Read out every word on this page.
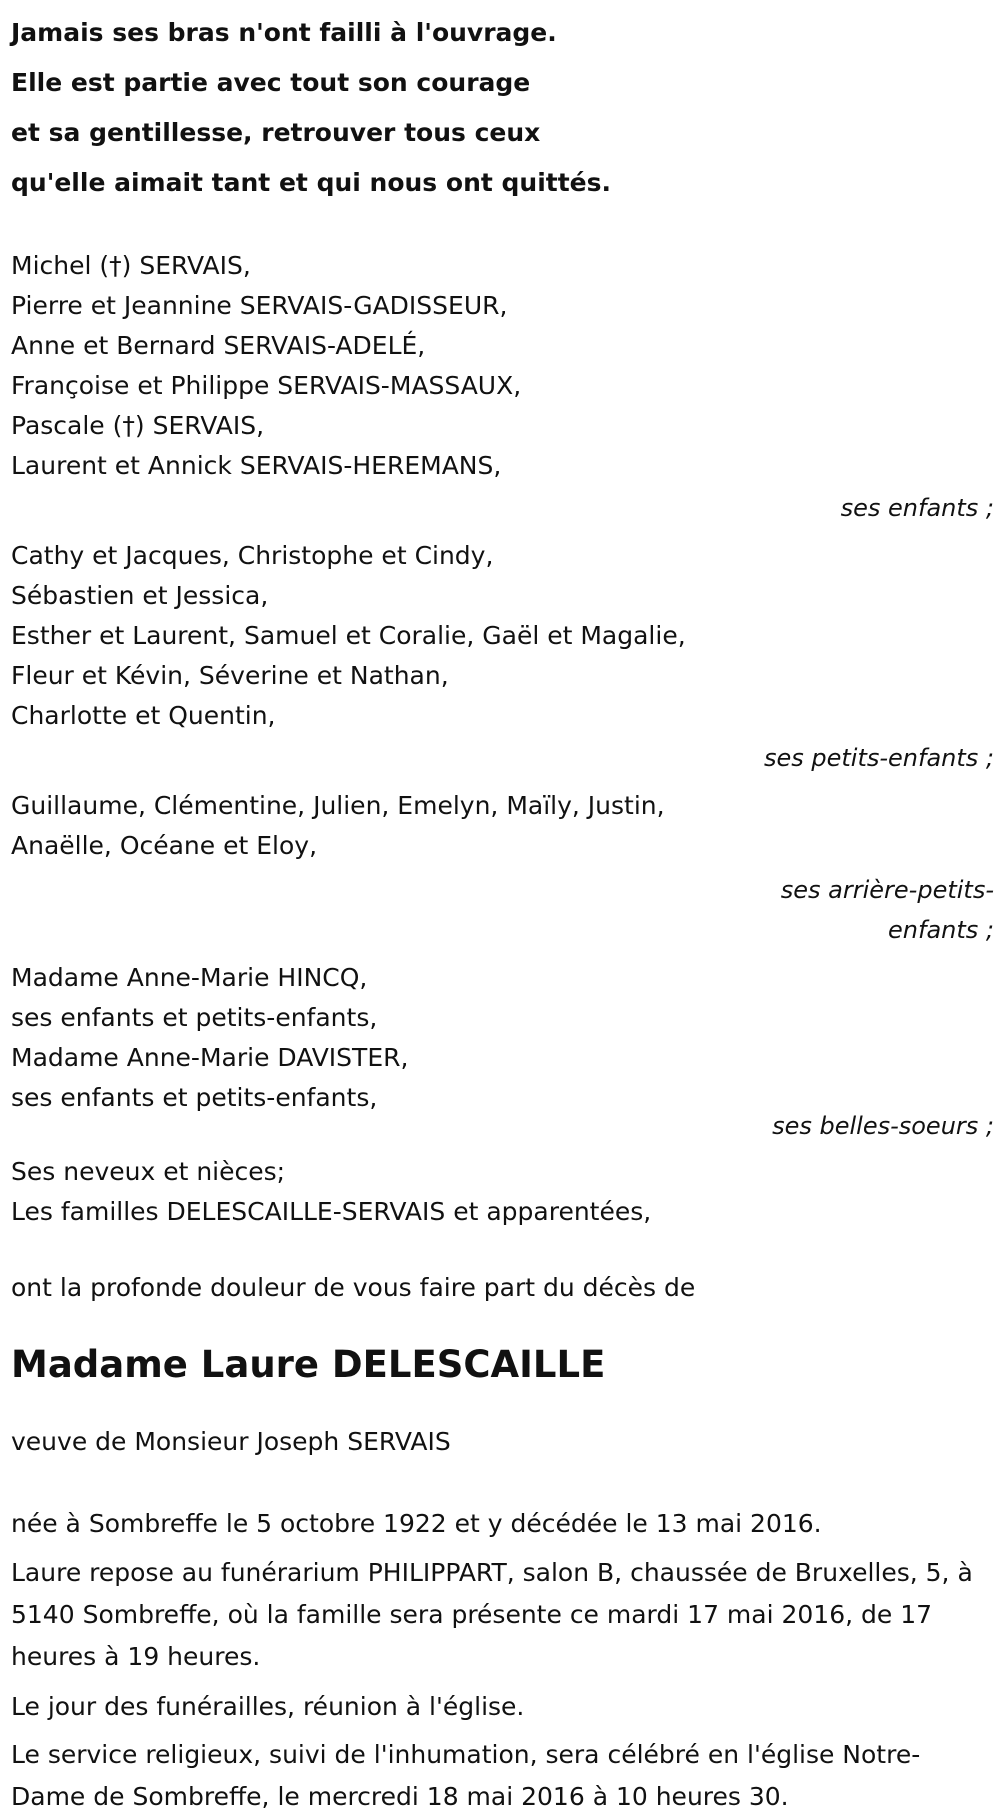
Jamais ses bras n'ont failli à l'ouvrage.
Elle est partie avec tout son courage
et sa gentillesse, retrouver tous ceux
qu'elle aimait tant et qui nous ont quittés.
Michel (†) SERVAIS,
Pierre et Jeannine SERVAIS-GADISSEUR,
Anne et Bernard SERVAIS-ADELÉ,
Françoise et Philippe SERVAIS-MASSAUX,
Pascale (†) SERVAIS,
Laurent et Annick SERVAIS-HEREMANS,
ses enfants ;
Cathy et Jacques, Christophe et Cindy,
Sébastien et Jessica,
Esther et Laurent, Samuel et Coralie, Gaël et Magalie,
Fleur et Kévin, Séverine et Nathan,
Charlotte et Quentin,
ses petits-enfants ;
Guillaume, Clémentine, Julien, Emelyn, Maïly, Justin,
Anaëlle, Océane et Eloy,
ses arrière-petits-
enfants ;
Madame Anne-Marie HINCQ,
ses enfants et petits-enfants,
Madame Anne-Marie DAVISTER,
ses enfants et petits-enfants,
ses belles-soeurs ;
Ses neveux et nièces;
Les familles DELESCAILLE-SERVAIS et apparentées,
ont la profonde douleur de vous faire part du décès de
Madame Laure DELESCAILLE
veuve de Monsieur Joseph SERVAIS
née à Sombreffe le 5 octobre 1922 et y décédée le 13 mai 2016.
Laure repose au funérarium PHILIPPART, salon B, chaussée de Bruxelles, 5, à 5140 Sombreffe, où la famille sera présente ce mardi 17 mai 2016, de 17 heures à 19 heures.
Le jour des funérailles, réunion à l'église.
Le service religieux, suivi de l'inhumation, sera célébré en l'église Notre-Dame de Sombreffe, le mercredi 18 mai 2016 à 10 heures 30.
